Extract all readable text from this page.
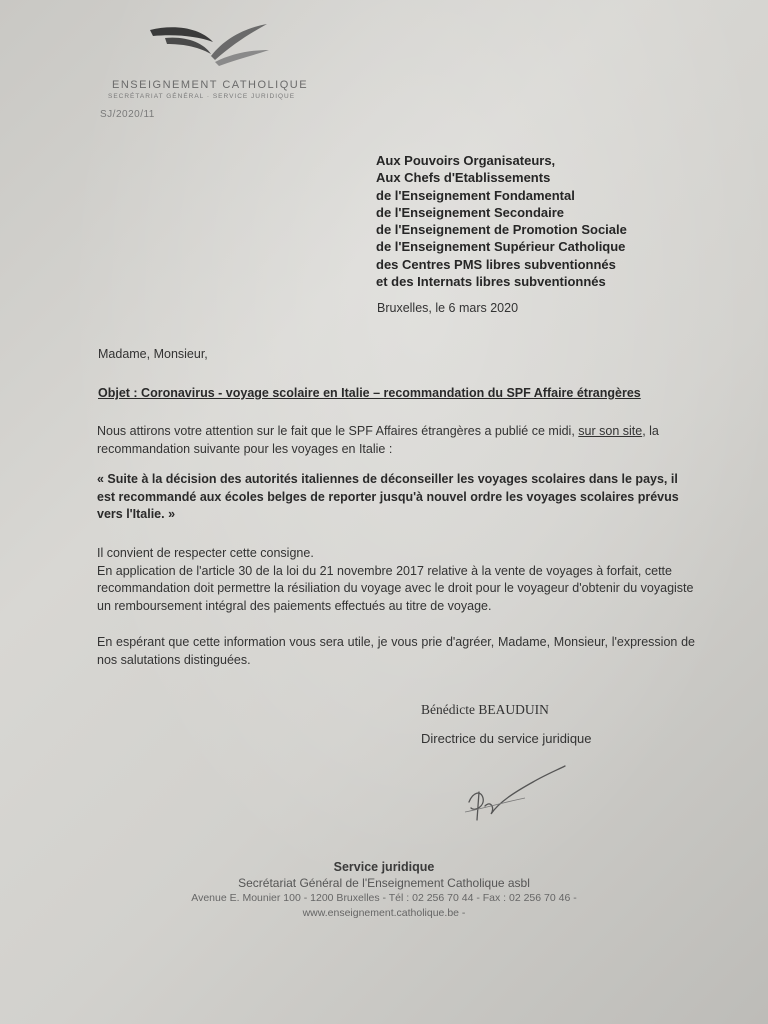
ENSEIGNEMENT CATHOLIQUE
SECRÉTARIAT GÉNÉRAL · SERVICE JURIDIQUE
SJ/2020/11
Aux Pouvoirs Organisateurs,
Aux Chefs d'Etablissements
de l'Enseignement Fondamental
de l'Enseignement Secondaire
de l'Enseignement de Promotion Sociale
de l'Enseignement Supérieur Catholique
des Centres PMS libres subventionnés
et des Internats libres subventionnés
Bruxelles, le 6 mars 2020
Madame, Monsieur,
Objet : Coronavirus - voyage scolaire en Italie – recommandation du SPF Affaire étrangères
Nous attirons votre attention sur le fait que le SPF Affaires étrangères a publié ce midi, sur son site, la recommandation suivante pour les voyages en Italie :
« Suite à la décision des autorités italiennes de déconseiller les voyages scolaires dans le pays, il est recommandé aux écoles belges de reporter jusqu'à nouvel ordre les voyages scolaires prévus vers l'Italie. »
Il convient de respecter cette consigne.
En application de l'article 30 de la loi du 21 novembre 2017 relative à la vente de voyages à forfait, cette recommandation doit permettre la résiliation du voyage avec le droit pour le voyageur d'obtenir du voyagiste un remboursement intégral des paiements effectués au titre de voyage.
En espérant que cette information vous sera utile, je vous prie d'agréer, Madame, Monsieur, l'expression de nos salutations distinguées.
Bénédicte BEAUDUIN
Directrice du service juridique
Service juridique
Secrétariat Général de l'Enseignement Catholique asbl
Avenue E. Mounier 100 - 1200 Bruxelles - Tél : 02 256 70 44 - Fax : 02 256 70 46 -
www.enseignement.catholique.be -
